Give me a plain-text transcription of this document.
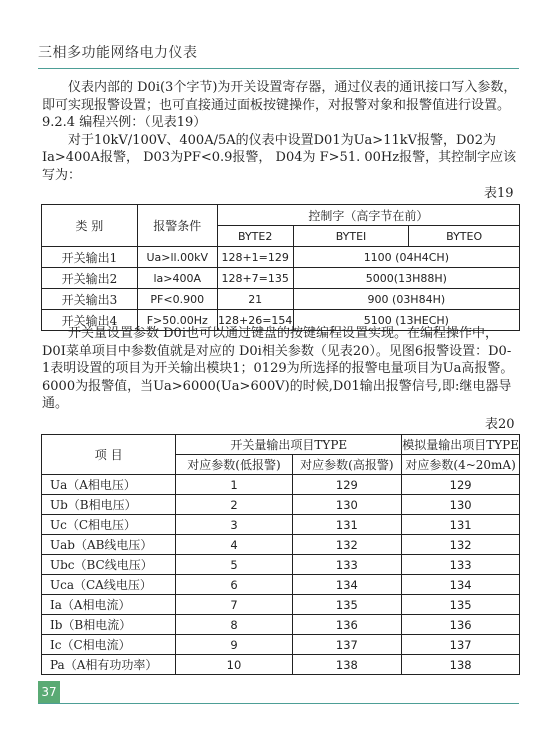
三相多功能网络电力仪表

仪表内部的 D0i(3个字节)为开关设置寄存器，通过仪表的通讯接口写入参数，即可实现报警设置；也可直接通过面板按键操作，对报警对象和报警值进行设置。

9.2.4 编程兴例：（见表19）

对于10kV/100V、400A/5A的仪表中设置D01为Ua>11kV报警，D02为Ia>400A报警， D03为PF<0.9报警， D04为 F>51. 00Hz报警，其控制字应该写为：

表19
类 别	报警条件	控制字（高字节在前）		
		BYTE2	BYTEI	BYTEO
开关输出1	Ua>ll.00kV	128+1=129	1100 (04H4CH)	
开关输出2	la>400A	128+7=135	5000(13H88H)	
开关输出3	PF<0.900	21	900 (03H84H)	
开关输出4	F>50.00Hz	128+26=154	5100 (13HECH)	

开关量设置参数 D0i也可以通过键盘的按键编程设置实现。在编程操作中， D0I菜单项目中参数值就是对应的 D0i相关参数（见表20）。见图6报警设置：D0-1表明设置的项目为开关输出模块1；0129为所选择的报警电量项目为Ua高报警。6000为报警值，当Ua>6000(Ua>600V)的时候,D01输出报警信号,即:继电器导通。

表20
项 目	开关量输出项目TYPE		模拟量输出项目TYPE
	对应参数(低报警)	对应参数(高报警)	对应参数(4~20mA)
Ua（A相电压）	1	129	129
Ub（B相电压）	2	130	130
Uc（C相电压）	3	131	131
Uab（AB线电压）	4	132	132
Ubc（BC线电压）	5	133	133
Uca（CA线电压）	6	134	134
Ia（A相电流）	7	135	135
Ib（B相电流）	8	136	136
Ic（C相电流）	9	137	137
Pa（A相有功功率）	10	138	138
37
